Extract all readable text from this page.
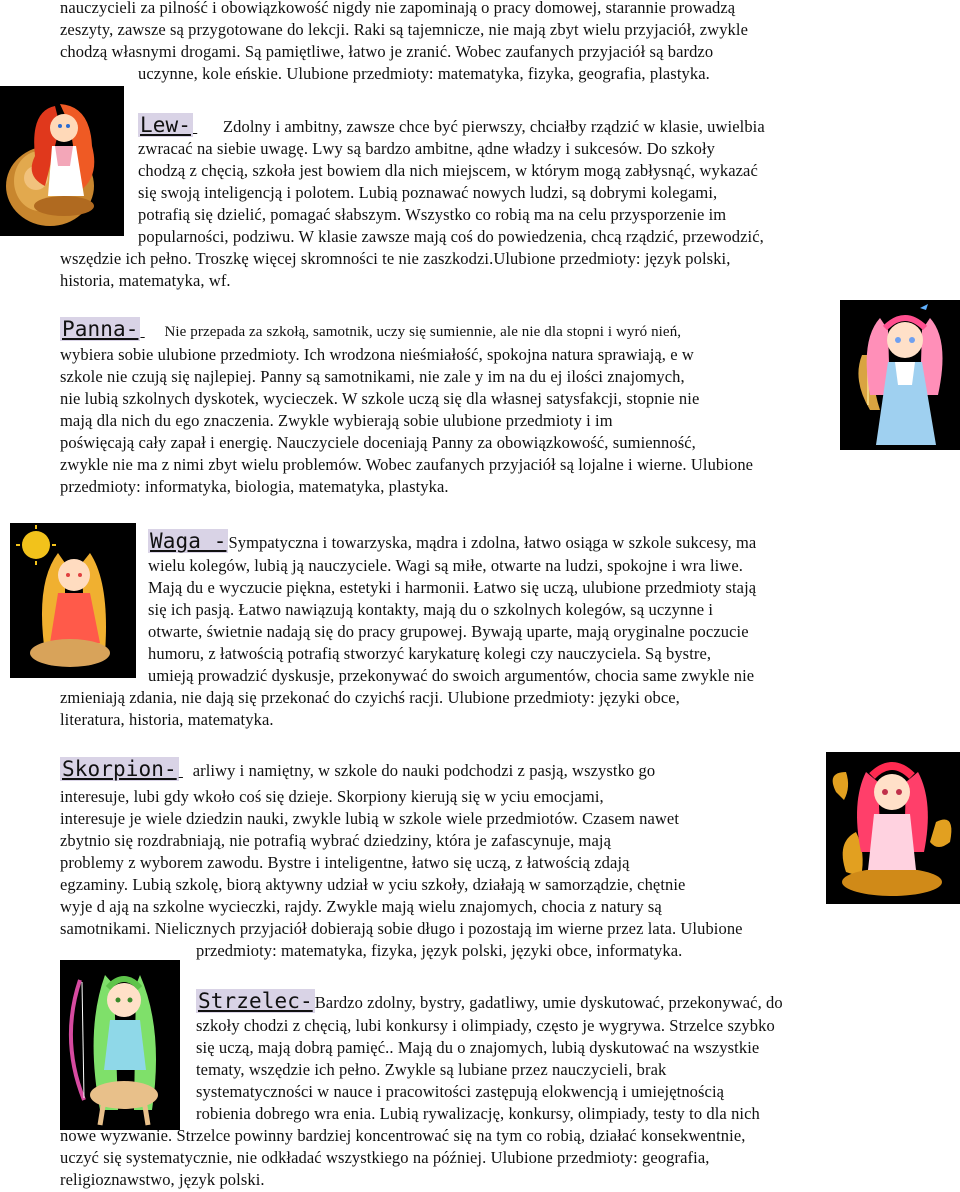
nauczycieli za pilność i obowiązkowość nigdy nie zapominają o pracy domowej, starannie prowadzą
zeszyty, zawsze są przygotowane do lekcji. Raki są tajemnicze, nie mają zbyt wielu przyjaciół, zwykle
chodzą własnymi drogami. Są pamiętliwe, łatwo je zranić. Wobec zaufanych przyjaciół są bardzo
uczynne, kole eńskie. Ulubione przedmioty: matematyka, fizyka, geografia, plastyka.
Lew- Zdolny i ambitny, zawsze chce być pierwszy, chciałby rządzić w klasie, uwielbia
zwracać na siebie uwagę. Lwy są bardzo ambitne, ądne władzy i sukcesów. Do szkoły
chodzą z chęcią, szkoła jest bowiem dla nich miejscem, w którym mogą zabłysnąć, wykazać
się swoją inteligencją i polotem. Lubią poznawać nowych ludzi, są dobrymi kolegami,
potrafią się dzielić, pomagać słabszym. Wszystko co robią ma na celu przysporzenie im
popularności, podziwu. W klasie zawsze mają coś do powiedzenia, chcą rządzić, przewodzić,
wszędzie ich pełno. Troszkę więcej skromności te nie zaszkodzi.Ulubione przedmioty: język polski,
historia, matematyka, wf.
Panna- Nie przepada za szkołą, samotnik, uczy się sumiennie, ale nie dla stopni i wyró nień,
wybiera sobie ulubione przedmioty. Ich wrodzona nieśmiałość, spokojna natura sprawiają, e w
szkole nie czują się najlepiej. Panny są samotnikami, nie zale y im na du ej ilości znajomych,
nie lubią szkolnych dyskotek, wycieczek. W szkole uczą się dla własnej satysfakcji, stopnie nie
mają dla nich du ego znaczenia. Zwykle wybierają sobie ulubione przedmioty i im
poświęcają cały zapał i energię. Nauczyciele doceniają Panny za obowiązkowość, sumienność,
zwykle nie ma z nimi zbyt wielu problemów. Wobec zaufanych przyjaciół są lojalne i wierne. Ulubione
przedmioty: informatyka, biologia, matematyka, plastyka.
Waga - Sympatyczna i towarzyska, mądra i zdolna, łatwo osiąga w szkole sukcesy, ma
wielu kolegów, lubią ją nauczyciele. Wagi są miłe, otwarte na ludzi, spokojne i wra liwe.
Mają du e wyczucie piękna, estetyki i harmonii. Łatwo się uczą, ulubione przedmioty stają
się ich pasją. Łatwo nawiązują kontakty, mają du o szkolnych kolegów, są uczynne i
otwarte, świetnie nadają się do pracy grupowej. Bywają uparte, mają oryginalne poczucie
humoru, z łatwością potrafią stworzyć karykaturę kolegi czy nauczyciela. Są bystre,
umieją prowadzić dyskusje, przekonywać do swoich argumentów, chocia same zwykle nie
zmieniają zdania, nie dają się przekonać do czyichś racji. Ulubione przedmioty: języki obce,
literatura, historia, matematyka.
Skorpion- arliwy i namiętny, w szkole do nauki podchodzi z pasją, wszystko go
interesuje, lubi gdy wkoło coś się dzieje. Skorpiony kierują się w yciu emocjami,
interesuje je wiele dziedzin nauki, zwykle lubią w szkole wiele przedmiotów. Czasem nawet
zbytnio się rozdrabniają, nie potrafią wybrać dziedziny, która je zafascynuje, mają
problemy z wyborem zawodu. Bystre i inteligentne, łatwo się uczą, z łatwością zdają
egzaminy. Lubią szkolę, biorą aktywny udział w yciu szkoły, działają w samorządzie, chętnie
wyje d ają na szkolne wycieczki, rajdy. Zwykle mają wielu znajomych, chocia z natury są
samotnikami. Nielicznych przyjaciół dobierają sobie długo i pozostają im wierne przez lata. Ulubione
przedmioty: matematyka, fizyka, język polski, języki obce, informatyka.
Strzelec- Bardzo zdolny, bystry, gadatliwy, umie dyskutować, przekonywać, do
szkoły chodzi z chęcią, lubi konkursy i olimpiady, często je wygrywa. Strzelce szybko
się uczą, mają dobrą pamięć.. Mają du o znajomych, lubią dyskutować na wszystkie
tematy, wszędzie ich pełno. Zwykle są lubiane przez nauczycieli, brak
systematyczności w nauce i pracowitości zastępują elokwencją i umiejętnością
robienia dobrego wra enia. Lubią rywalizację, konkursy, olimpiady, testy to dla nich
nowe wyzwanie. Strzelce powinny bardziej koncentrować się na tym co robią, działać konsekwentnie,
uczyć się systematycznie, nie odkładać wszystkiego na później. Ulubione przedmioty: geografia,
religioznawstwo, język polski.
